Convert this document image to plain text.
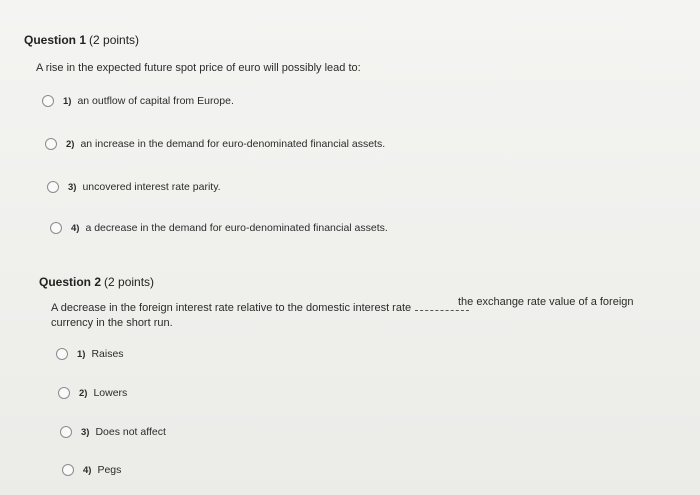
Question 1 (2 points)
A rise in the expected future spot price of euro will possibly lead to:
1) an outflow of capital from Europe.
2) an increase in the demand for euro-denominated financial assets.
3) uncovered interest rate parity.
4) a decrease in the demand for euro-denominated financial assets.
Question 2 (2 points)
A decrease in the foreign interest rate relative to the domestic interest rate	the exchange rate value of a foreign
currency in the short run.
1) Raises
2) Lowers
3) Does not affect
4) Pegs
